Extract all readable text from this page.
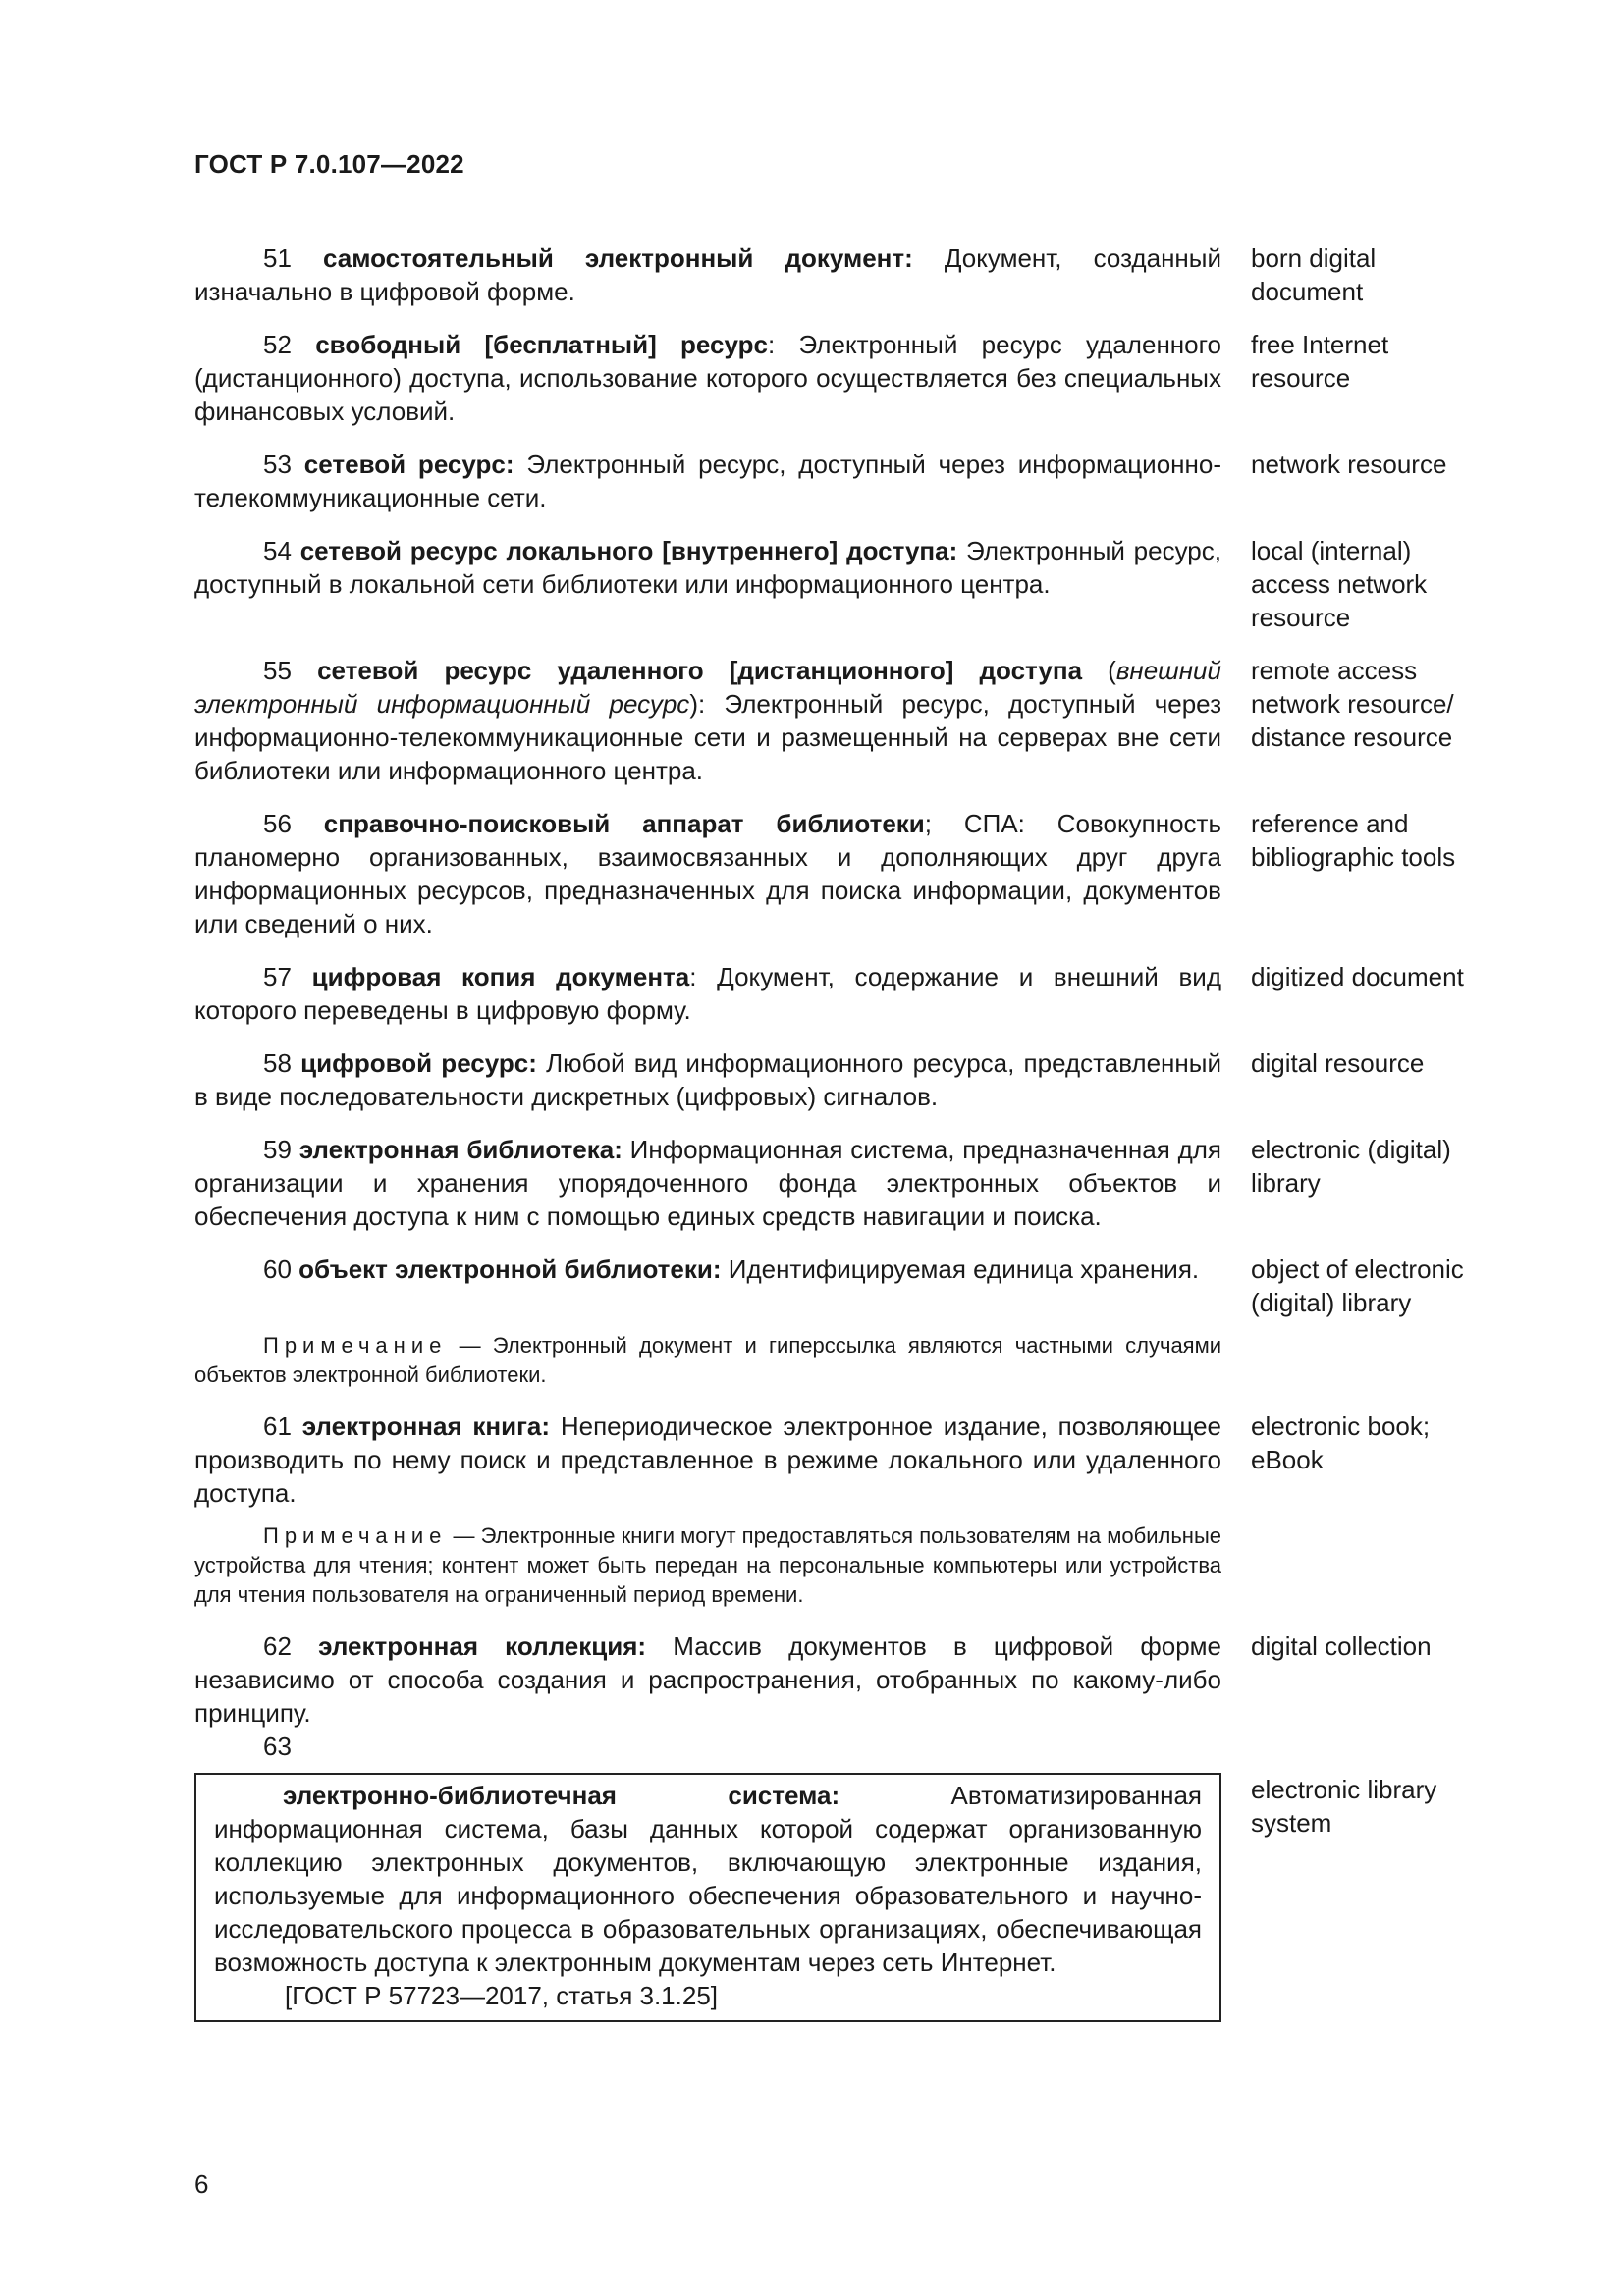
ГОСТ Р 7.0.107—2022
51 самостоятельный электронный документ: Документ, созданный изначально в цифровой форме.
born digital document
52 свободный [бесплатный] ресурс: Электронный ресурс удаленного (дистанционного) доступа, использование которого осуществляется без специальных финансовых условий.
free Internet resource
53 сетевой ресурс: Электронный ресурс, доступный через информационно-телекоммуникационные сети.
network resource
54 сетевой ресурс локального [внутреннего] доступа: Электронный ресурс, доступный в локальной сети библиотеки или информационного центра.
local (internal) access network resource
55 сетевой ресурс удаленного [дистанционного] доступа (внешний электронный информационный ресурс): Электронный ресурс, доступный через информационно-телекоммуникационные сети и размещенный на серверах вне сети библиотеки или информационного центра.
remote access network resource/ distance resource
56 справочно-поисковый аппарат библиотеки; СПА: Совокупность планомерно организованных, взаимосвязанных и дополняющих друг друга информационных ресурсов, предназначенных для поиска информации, документов или сведений о них.
reference and bibliographic tools
57 цифровая копия документа: Документ, содержание и внешний вид которого переведены в цифровую форму.
digitized document
58 цифровой ресурс: Любой вид информационного ресурса, представленный в виде последовательности дискретных (цифровых) сигналов.
digital resource
59 электронная библиотека: Информационная система, предназначенная для организации и хранения упорядоченного фонда электронных объектов и обеспечения доступа к ним с помощью единых средств навигации и поиска.
electronic (digital) library
60 объект электронной библиотеки: Идентифицируемая единица хранения.	object of electronic (digital) library
Примечание — Электронный документ и гиперссылка являются частными случаями объектов электронной библиотеки.
61 электронная книга: Непериодическое электронное издание, позволяющее производить по нему поиск и представленное в режиме локального или удаленного доступа.
electronic book; eBook
Примечание — Электронные книги могут предоставляться пользователям на мобильные устройства для чтения; контент может быть передан на персональные компьютеры или устройства для чтения пользователя на ограниченный период времени.
62 электронная коллекция: Массив документов в цифровой форме независимо от способа создания и распространения, отобранных по какому-либо принципу.
digital collection
63
электронно-библиотечная система: Автоматизированная информационная система, базы данных которой содержат организованную коллекцию электронных документов, включающую электронные издания, используемые для информационного обеспечения образовательного и научно-исследовательского процесса в образовательных организациях, обеспечивающая возможность доступа к электронным документам через сеть Интернет.
[ГОСТ Р 57723—2017, статья 3.1.25]
electronic library system
6
